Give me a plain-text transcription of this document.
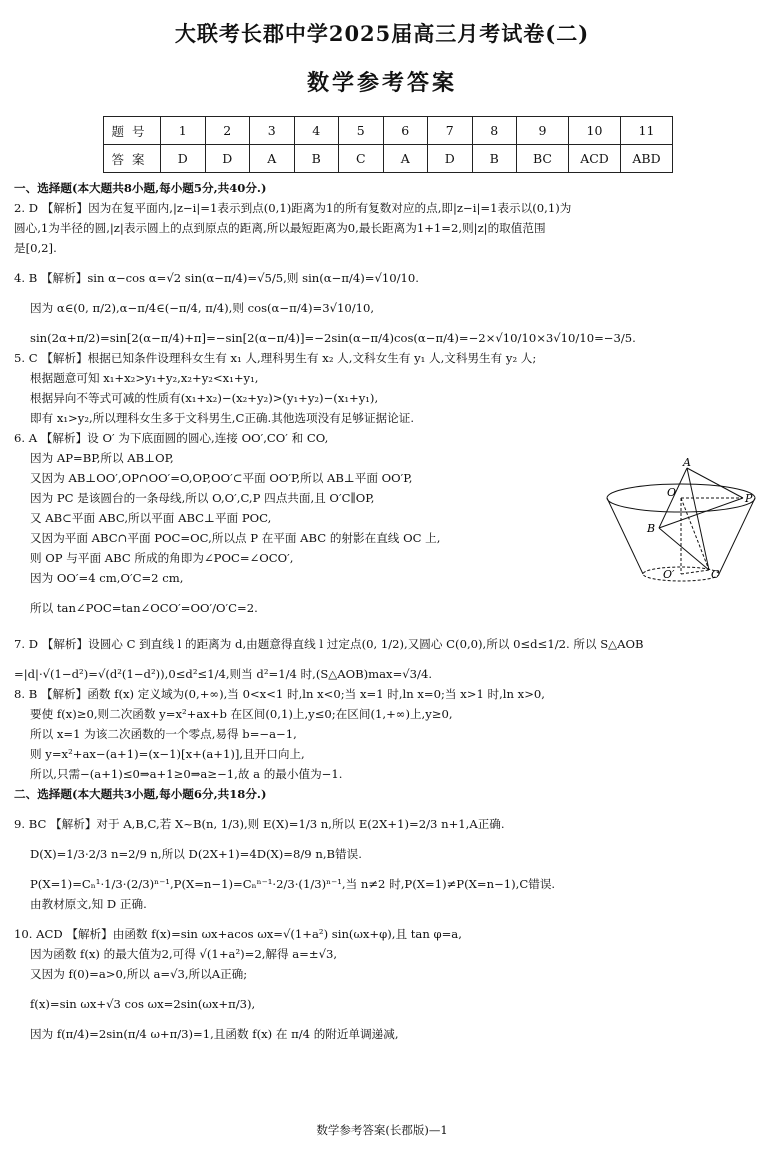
大联考长郡中学2025届高三月考试卷(二)
数学参考答案
题号	1	2	3	4	5	6	7	8	9	10	11
答案	D	D	A	B	C	A	D	B	BC	ACD	ABD

一、选择题(本大题共8小题,每小题5分,共40分.)

2. D 【解析】因为在复平面内,|z−i|=1表示到点(0,1)距离为1的所有复数对应的点,即|z−i|=1表示以(0,1)为

圆心,1为半径的圆,|z|表示圆上的点到原点的距离,所以最短距离为0,最长距离为1+1=2,则|z|的取值范围

是[0,2].

4. B 【解析】sin α−cos α=√2 sin(α−π/4)=√5/5,则 sin(α−π/4)=√10/10.

因为 α∈(0, π/2),α−π/4∈(−π/4, π/4),则 cos(α−π/4)=3√10/10,

sin(2α+π/2)=sin[2(α−π/4)+π]=−sin[2(α−π/4)]=−2sin(α−π/4)cos(α−π/4)=−2×√10/10×3√10/10=−3/5.

5. C 【解析】根据已知条件设理科女生有 x₁ 人,理科男生有 x₂ 人,文科女生有 y₁ 人,文科男生有 y₂ 人;

根据题意可知 x₁+x₂>y₁+y₂,x₂+y₂<x₁+y₁,

根据异向不等式可减的性质有(x₁+x₂)−(x₂+y₂)>(y₁+y₂)−(x₁+y₁),

即有 x₁>y₂,所以理科女生多于文科男生,C正确.其他选项没有足够证据论证.

6. A 【解析】设 O′ 为下底面圆的圆心,连接 OO′,CO′ 和 CO,

因为 AP=BP,所以 AB⊥OP,

又因为 AB⊥OO′,OP∩OO′=O,OP,OO′⊂平面 OO′P,所以 AB⊥平面 OO′P,

因为 PC 是该圆台的一条母线,所以 O,O′,C,P 四点共面,且 O′C∥OP,

又 AB⊂平面 ABC,所以平面 ABC⊥平面 POC,

又因为平面 ABC∩平面 POC=OC,所以点 P 在平面 ABC 的射影在直线 OC 上,

则 OP 与平面 ABC 所成的角即为∠POC=∠OCO′,

因为 OO′=4 cm,O′C=2 cm,

所以 tan∠POC=tan∠OCO′=OO′/O′C=2.

7. D 【解析】设圆心 C 到直线 l 的距离为 d,由题意得直线 l 过定点(0, 1/2),又圆心 C(0,0),所以 0≤d≤1/2. 所以 S△AOB

=|d|·√(1−d²)=√(d²(1−d²)),0≤d²≤1/4,则当 d²=1/4 时,(S△AOB)max=√3/4.

8. B 【解析】函数 f(x) 定义域为(0,+∞),当 0<x<1 时,ln x<0;当 x=1 时,ln x=0;当 x>1 时,ln x>0,

要使 f(x)≥0,则二次函数 y=x²+ax+b 在区间(0,1)上,y≤0;在区间(1,+∞)上,y≥0,

所以 x=1 为该二次函数的一个零点,易得 b=−a−1,

则 y=x²+ax−(a+1)=(x−1)[x+(a+1)],且开口向上,

所以,只需−(a+1)≤0⇒a+1≥0⇒a≥−1,故 a 的最小值为−1.

二、选择题(本大题共3小题,每小题6分,共18分.)

9. BC 【解析】对于 A,B,C,若 X~B(n, 1/3),则 E(X)=1/3 n,所以 E(2X+1)=2/3 n+1,A正确.

D(X)=1/3·2/3 n=2/9 n,所以 D(2X+1)=4D(X)=8/9 n,B错误.

P(X=1)=Cₙ¹·1/3·(2/3)ⁿ⁻¹,P(X=n−1)=Cₙⁿ⁻¹·2/3·(1/3)ⁿ⁻¹,当 n≠2 时,P(X=1)≠P(X=n−1),C错误.

由教材原文,知 D 正确.

10. ACD 【解析】由函数 f(x)=sin ωx+acos ωx=√(1+a²) sin(ωx+φ),且 tan φ=a,

因为函数 f(x) 的最大值为2,可得 √(1+a²)=2,解得 a=±√3,

又因为 f(0)=a>0,所以 a=√3,所以A正确;

f(x)=sin ωx+√3 cos ωx=2sin(ωx+π/3),

因为 f(π/4)=2sin(π/4 ω+π/3)=1,且函数 f(x) 在 π/4 的附近单调递减,

A
O	P
B
O′	C
数学参考答案(长郡版)—1
